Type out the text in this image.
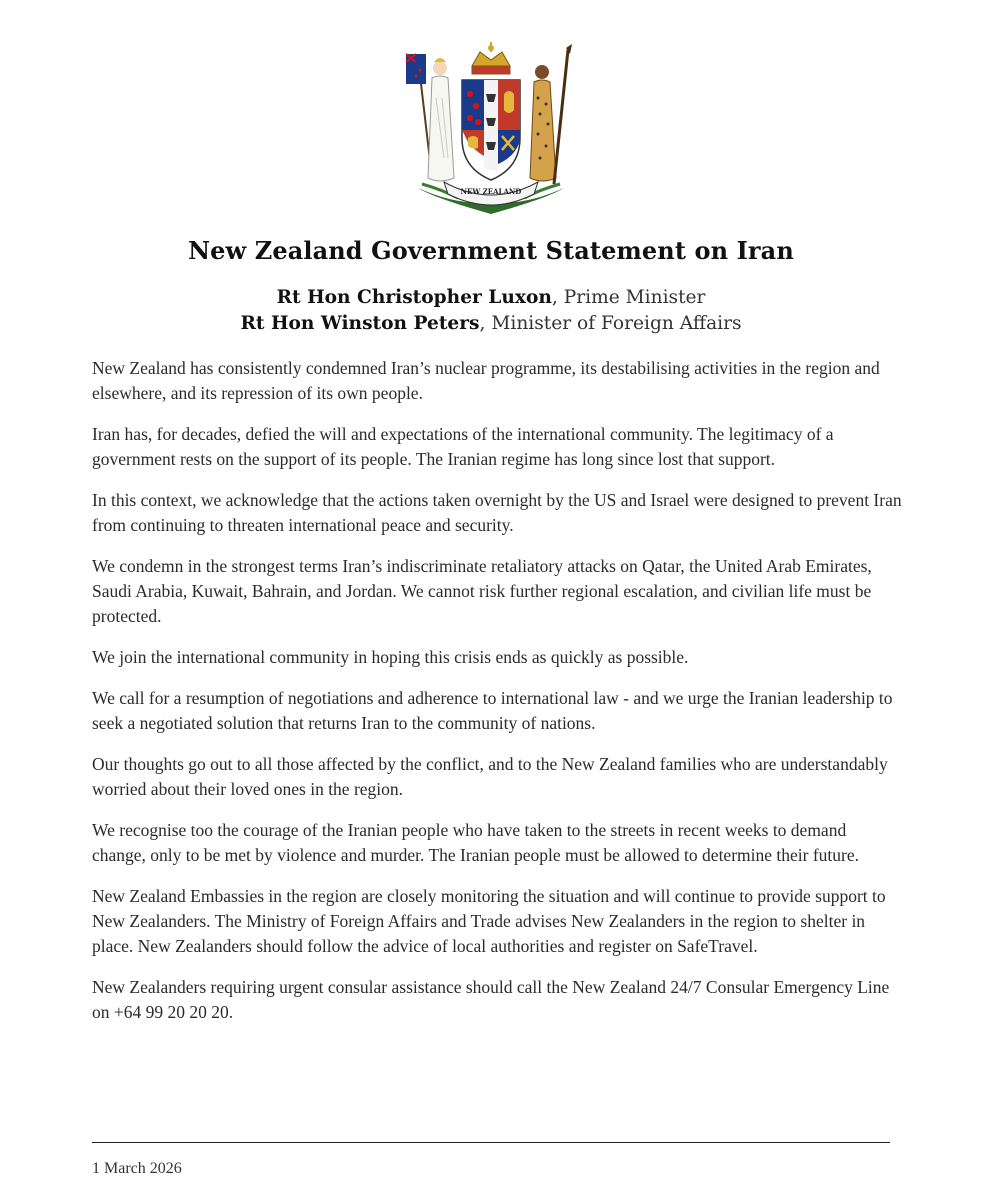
NEW ZEALAND
New Zealand Government Statement on Iran
Rt Hon Christopher Luxon, Prime Minister
Rt Hon Winston Peters, Minister of Foreign Affairs

New Zealand has consistently condemned Iran’s nuclear programme, its destabilising activities in the region and elsewhere, and its repression of its own people.

Iran has, for decades, defied the will and expectations of the international community. The legitimacy of a government rests on the support of its people. The Iranian regime has long since lost that support.

In this context, we acknowledge that the actions taken overnight by the US and Israel were designed to prevent Iran from continuing to threaten international peace and security.

We condemn in the strongest terms Iran’s indiscriminate retaliatory attacks on Qatar, the United Arab Emirates, Saudi Arabia, Kuwait, Bahrain, and Jordan. We cannot risk further regional escalation, and civilian life must be protected.

We join the international community in hoping this crisis ends as quickly as possible.

We call for a resumption of negotiations and adherence to international law - and we urge the Iranian leadership to seek a negotiated solution that returns Iran to the community of nations.

Our thoughts go out to all those affected by the conflict, and to the New Zealand families who are understandably worried about their loved ones in the region.

We recognise too the courage of the Iranian people who have taken to the streets in recent weeks to demand change, only to be met by violence and murder. The Iranian people must be allowed to determine their future.

New Zealand Embassies in the region are closely monitoring the situation and will continue to provide support to New Zealanders. The Ministry of Foreign Affairs and Trade advises New Zealanders in the region to shelter in place. New Zealanders should follow the advice of local authorities and register on SafeTravel.

New Zealanders requiring urgent consular assistance should call the New Zealand 24/7 Consular Emergency Line on +64 99 20 20 20.

1 March 2026
